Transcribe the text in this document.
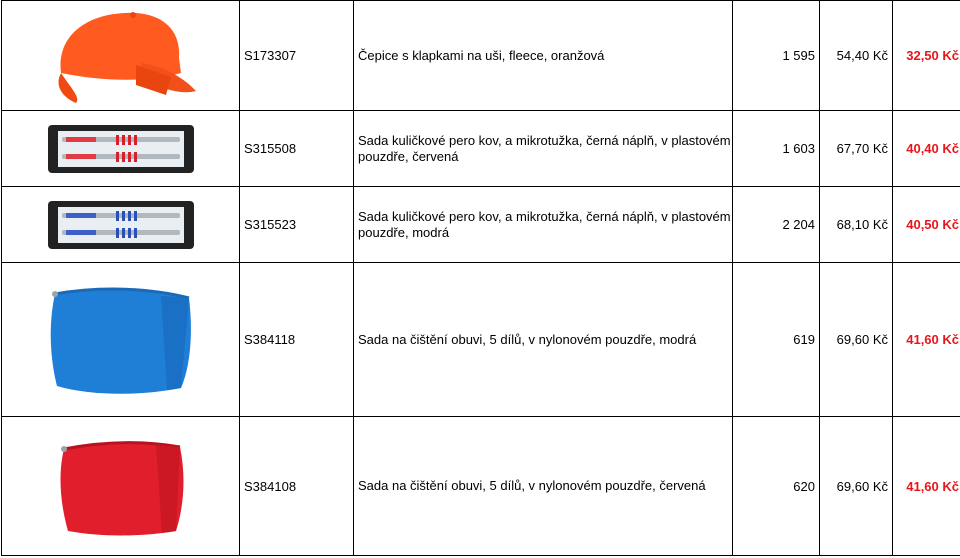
	S173307	Čepice s klapkami na uši, fleece, oranžová	1 595	54,40 Kč	32,50 Kč

	S315508	Sada kuličkové pero kov, a mikrotužka, černá náplň, v plastovém pouzdře, červená	1 603	67,70 Kč	40,40 Kč

	S315523	Sada kuličkové pero kov, a mikrotužka, černá náplň, v plastovém pouzdře, modrá	2 204	68,10 Kč	40,50 Kč

	S384118	Sada na čištění obuvi, 5 dílů, v nylonovém pouzdře, modrá	619	69,60 Kč	41,60 Kč

	S384108	Sada na čištění obuvi, 5 dílů, v nylonovém pouzdře, červená	620	69,60 Kč	41,60 Kč
